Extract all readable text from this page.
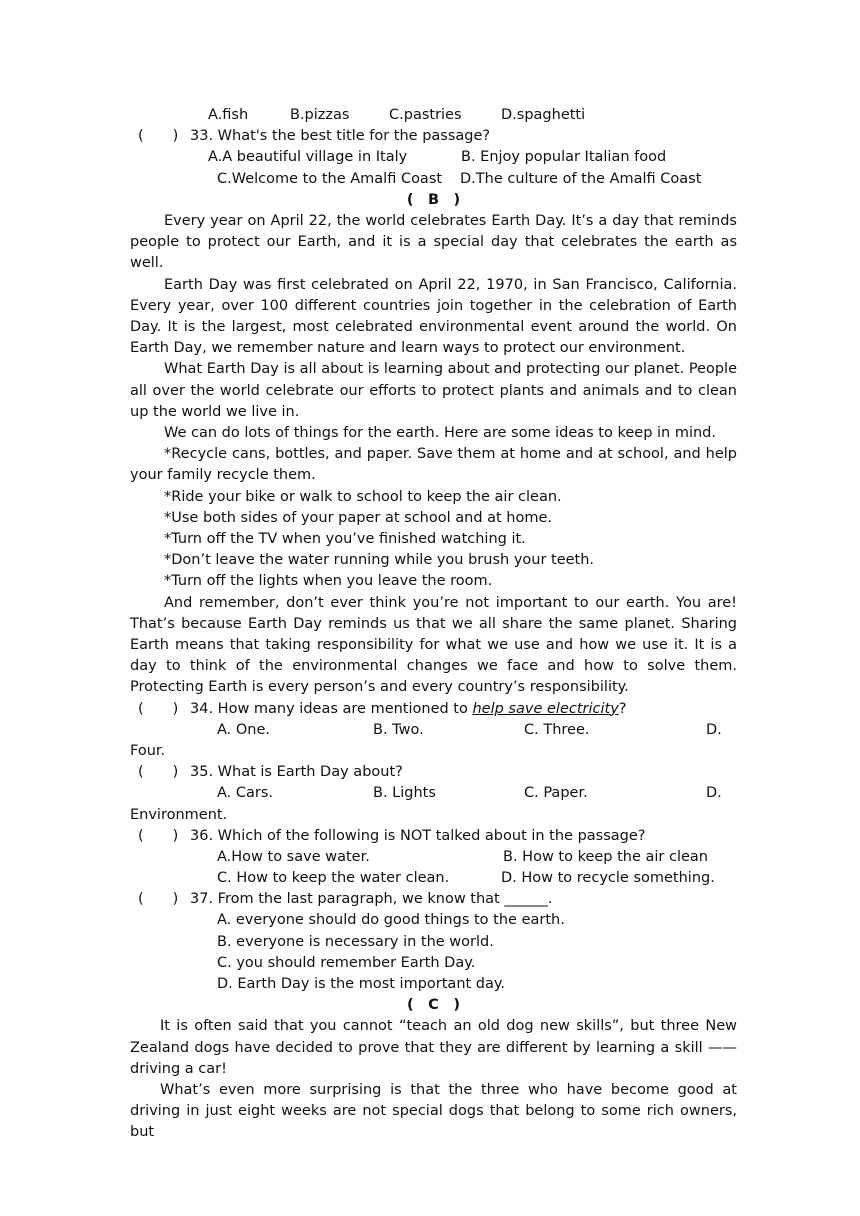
A.fish	B.pizzas	C.pastries	D.spaghetti
(　　) 33. What's the best title for the passage?
A.A beautiful village in Italy	B. Enjoy popular Italian food
C.Welcome to the Amalfi Coast D.The culture of the Amalfi Coast
(　B　)
Every year on April 22, the world celebrates Earth Day. It’s a day that reminds people to protect our Earth, and it is a special day that celebrates the earth as well.
Earth Day was first celebrated on April 22, 1970, in San Francisco, California. Every year, over 100 different countries join together in the celebration of Earth Day. It is the largest, most celebrated environmental event around the world. On Earth Day, we remember nature and learn ways to protect our environment.
What Earth Day is all about is learning about and protecting our planet. People all over the world celebrate our efforts to protect plants and animals and to clean up the world we live in.
We can do lots of things for the earth. Here are some ideas to keep in mind.
*Recycle cans, bottles, and paper. Save them at home and at school, and help your family recycle them.
*Ride your bike or walk to school to keep the air clean.
*Use both sides of your paper at school and at home.
*Turn off the TV when you’ve finished watching it.
*Don’t leave the water running while you brush your teeth.
*Turn off the lights when you leave the room.
And remember, don’t ever think you’re not important to our earth. You are! That’s because Earth Day reminds us that we all share the same planet. Sharing Earth means that taking responsibility for what we use and how we use it. It is a day to think of the environmental changes we face and how to solve them. Protecting Earth is every person’s and every country’s responsibility.
(　　) 34. How many ideas are mentioned to help save electricity?
A. One.	B. Two.	C. Three.	D.
Four.
(　　) 35. What is Earth Day about?
A. Cars.	B. Lights	C. Paper.	D.
Environment.
(　　) 36. Which of the following is NOT talked about in the passage?
A.How to save water.	B. How to keep the air clean
C. How to keep the water clean.	D. How to recycle something.
(　　) 37. From the last paragraph, we know that ______.
A. everyone should do good things to the earth.
B. everyone is necessary in the world.
C. you should remember Earth Day.
D. Earth Day is the most important day.
(　C　)
It is often said that you cannot “teach an old dog new skills”, but three New Zealand dogs have decided to prove that they are different by learning a skill —— driving a car!
What’s even more surprising is that the three who have become good at driving in just eight weeks are not special dogs that belong to some rich owners, but
